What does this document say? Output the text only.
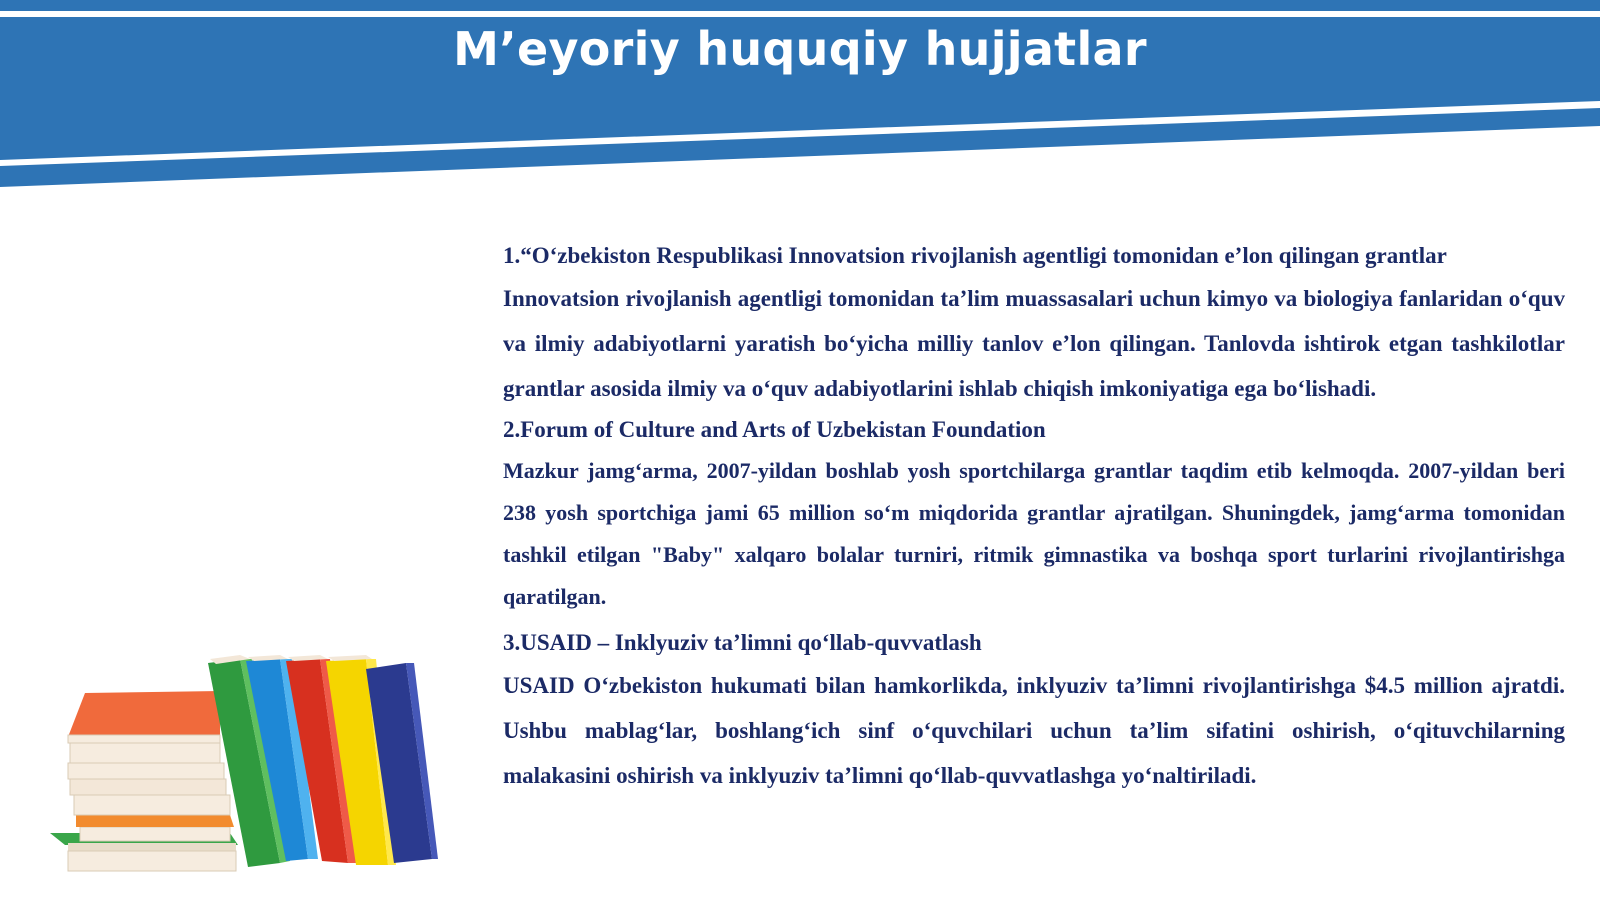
M’eyoriy huquqiy hujjatlar

1.“O‘zbekiston Respublikasi Innovatsion rivojlanish agentligi tomonidan e’lon qilingan grantlar

Innovatsion rivojlanish agentligi tomonidan ta’lim muassasalari uchun kimyo va biologiya fanlaridan o‘quv va ilmiy adabiyotlarni yaratish bo‘yicha milliy tanlov e’lon qilingan. Tanlovda ishtirok etgan tashkilotlar grantlar asosida ilmiy va o‘quv adabiyotlarini ishlab chiqish imkoniyatiga ega bo‘lishadi.

2.Forum of Culture and Arts of Uzbekistan Foundation

Mazkur jamg‘arma, 2007-yildan boshlab yosh sportchilarga grantlar taqdim etib kelmoqda. 2007-yildan beri 238 yosh sportchiga jami 65 million so‘m miqdorida grantlar ajratilgan. Shuningdek, jamg‘arma tomonidan tashkil etilgan "Baby" xalqaro bolalar turniri, ritmik gimnastika va boshqa sport turlarini rivojlantirishga qaratilgan.

3.USAID – Inklyuziv ta’limni qo‘llab-quvvatlash

USAID O‘zbekiston hukumati bilan hamkorlikda, inklyuziv ta’limni rivojlantirishga $4.5 million ajratdi. Ushbu mablag‘lar, boshlang‘ich sinf o‘quvchilari uchun ta’lim sifatini oshirish, o‘qituvchilarning malakasini oshirish va inklyuziv ta’limni qo‘llab-quvvatlashga yo‘naltiriladi.
